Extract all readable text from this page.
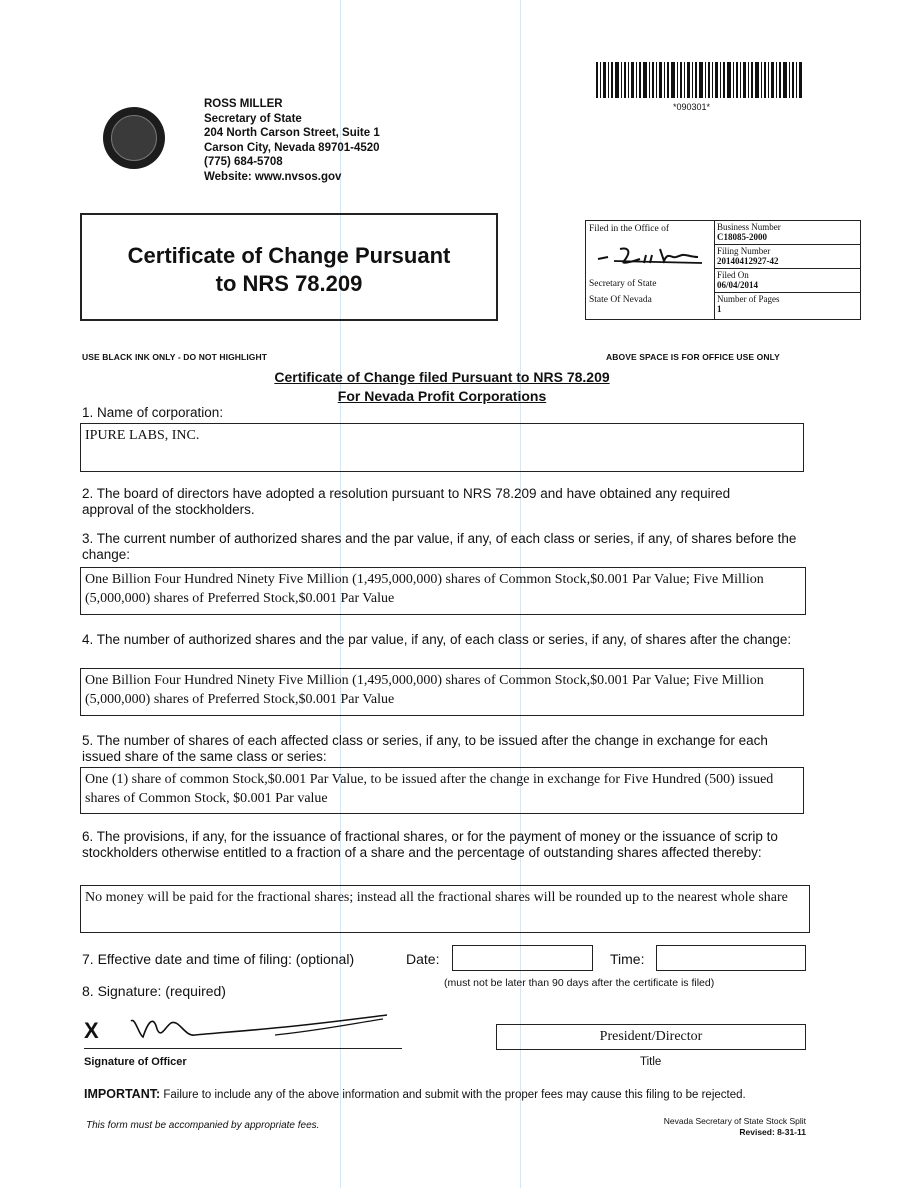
ROSS MILLER
Secretary of State
204 North Carson Street, Suite 1
Carson City, Nevada 89701-4520
(775) 684-5708
Website: www.nvsos.gov
*090301*
Certificate of Change Pursuant
to NRS 78.209
Filed in the Office of
Secretary of State
State Of Nevada
Business Number
C18085-2000
Filing Number
20140412927-42
Filed On
06/04/2014
Number of Pages
1
USE BLACK INK ONLY - DO NOT HIGHLIGHT	ABOVE SPACE IS FOR OFFICE USE ONLY
Certificate of Change filed Pursuant to NRS 78.209
For Nevada Profit Corporations
1. Name of corporation:
IPURE LABS, INC.
2. The board of directors have adopted a resolution pursuant to NRS 78.209 and have obtained any required approval of the stockholders.
3. The current number of authorized shares and the par value, if any, of each class or series, if any, of shares before the change:
One Billion Four Hundred Ninety Five Million (1,495,000,000) shares of Common Stock,$0.001 Par Value; Five Million (5,000,000) shares of Preferred Stock,$0.001 Par Value
4. The number of authorized shares and the par value, if any, of each class or series, if any, of shares after the change:
One Billion Four Hundred Ninety Five Million (1,495,000,000) shares of Common Stock,$0.001 Par Value; Five Million (5,000,000) shares of Preferred Stock,$0.001 Par Value
5. The number of shares of each affected class or series, if any, to be issued after the change in exchange for each issued share of the same class or series:
One (1) share of common Stock,$0.001 Par Value, to be issued after the change in exchange for Five Hundred (500) issued shares of Common Stock, $0.001 Par value
6. The provisions, if any, for the issuance of fractional shares, or for the payment of money or the issuance of scrip to stockholders otherwise entitled to a fraction of a share and the percentage of outstanding shares affected thereby:
No money will be paid for the fractional shares; instead all the fractional shares will be rounded up to the nearest whole share
7. Effective date and time of filing: (optional)	Date:	Time:
(must not be later than 90 days after the certificate is filed)
8. Signature: (required)
X
Signature of Officer
President/Director
Title
IMPORTANT: Failure to include any of the above information and submit with the proper fees may cause this filing to be rejected.
This form must be accompanied by appropriate fees.	Nevada Secretary of State Stock Split
Revised: 8-31-11
